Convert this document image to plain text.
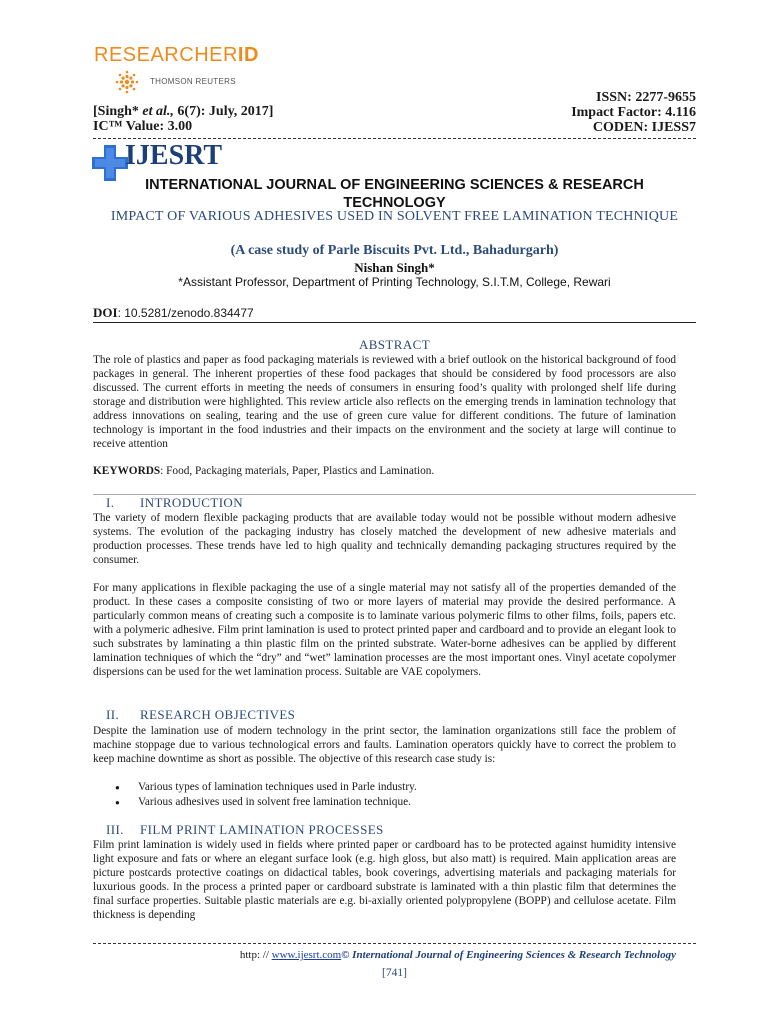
RESEARCHERID
THOMSON REUTERS
[Singh* et al., 6(7): July, 2017]
IC™ Value: 3.00
ISSN: 2277-9655
Impact Factor: 4.116
CODEN: IJESS7
IJESRT
INTERNATIONAL JOURNAL OF ENGINEERING SCIENCES & RESEARCH TECHNOLOGY
IMPACT OF VARIOUS ADHESIVES USED IN SOLVENT FREE LAMINATION TECHNIQUE
(A case study of Parle Biscuits Pvt. Ltd., Bahadurgarh)
Nishan Singh*
*Assistant Professor, Department of Printing Technology, S.I.T.M, College, Rewari
DOI: 10.5281/zenodo.834477
ABSTRACT
The role of plastics and paper as food packaging materials is reviewed with a brief outlook on the historical background of food packages in general. The inherent properties of these food packages that should be considered by food processors are also discussed. The current efforts in meeting the needs of consumers in ensuring food’s quality with prolonged shelf life during storage and distribution were highlighted. This review article also reflects on the emerging trends in lamination technology that address innovations on sealing, tearing and the use of green cure value for different conditions. The future of lamination technology is important in the food industries and their impacts on the environment and the society at large will continue to receive attention
KEYWORDS: Food, Packaging materials, Paper, Plastics and Lamination.
I.	INTRODUCTION
The variety of modern flexible packaging products that are available today would not be possible without modern adhesive systems. The evolution of the packaging industry has closely matched the development of new adhesive materials and production processes. These trends have led to high quality and technically demanding packaging structures required by the consumer.
For many applications in flexible packaging the use of a single material may not satisfy all of the properties demanded of the product. In these cases a composite consisting of two or more layers of material may provide the desired performance. A particularly common means of creating such a composite is to laminate various polymeric films to other films, foils, papers etc. with a polymeric adhesive. Film print lamination is used to protect printed paper and cardboard and to provide an elegant look to such substrates by laminating a thin plastic film on the printed substrate. Water-borne adhesives can be applied by different lamination techniques of which the “dry” and “wet” lamination processes are the most important ones. Vinyl acetate copolymer dispersions can be used for the wet lamination process. Suitable are VAE copolymers.
II.	RESEARCH OBJECTIVES
Despite the lamination use of modern technology in the print sector, the lamination organizations still face the problem of machine stoppage due to various technological errors and faults. Lamination operators quickly have to correct the problem to keep machine downtime as short as possible. The objective of this research case study is:
● Various types of lamination techniques used in Parle industry.
● Various adhesives used in solvent free lamination technique.
III.	FILM PRINT LAMINATION PROCESSES
Film print lamination is widely used in fields where printed paper or cardboard has to be protected against humidity intensive light exposure and fats or where an elegant surface look (e.g. high gloss, but also matt) is required. Main application areas are picture postcards protective coatings on didactical tables, book coverings, advertising materials and packaging materials for luxurious goods. In the process a printed paper or cardboard substrate is laminated with a thin plastic film that determines the final surface properties. Suitable plastic materials are e.g. bi-axially oriented polypropylene (BOPP) and cellulose acetate. Film thickness is depending
http: // www.ijesrt.com© International Journal of Engineering Sciences & Research Technology
[741]
